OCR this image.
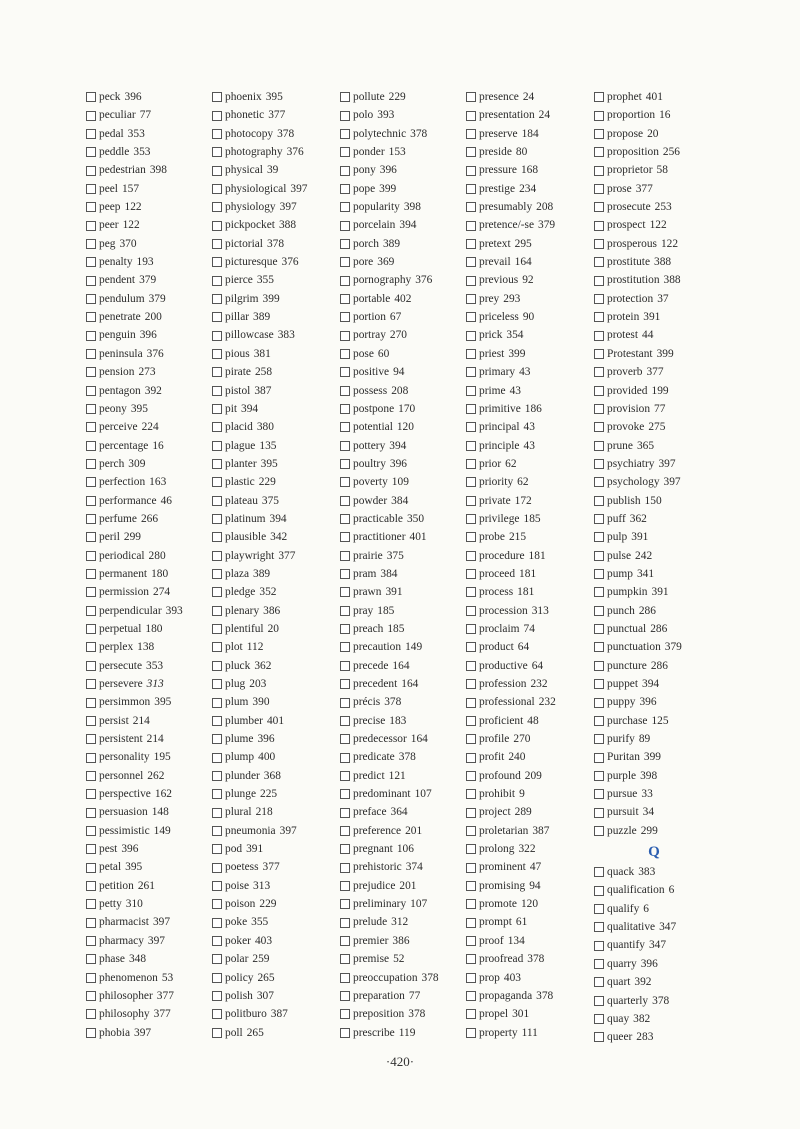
peck 396
peculiar 77
pedal 353
peddle 353
pedestrian 398
peel 157
peep 122
peer 122
peg 370
penalty 193
pendent 379
pendulum 379
penetrate 200
penguin 396
peninsula 376
pension 273
pentagon 392
peony 395
perceive 224
percentage 16
perch 309
perfection 163
performance 46
perfume 266
peril 299
periodical 280
permanent 180
permission 274
perpendicular 393
perpetual 180
perplex 138
persecute 353
persevere 313
persimmon 395
persist 214
persistent 214
personality 195
personnel 262
perspective 162
persuasion 148
pessimistic 149
pest 396
petal 395
petition 261
petty 310
pharmacist 397
pharmacy 397
phase 348
phenomenon 53
philosopher 377
philosophy 377
phobia 397
phoenix 395
phonetic 377
photocopy 378
photography 376
physical 39
physiological 397
physiology 397
pickpocket 388
pictorial 378
picturesque 376
pierce 355
pilgrim 399
pillar 389
pillowcase 383
pious 381
pirate 258
pistol 387
pit 394
placid 380
plague 135
planter 395
plastic 229
plateau 375
platinum 394
plausible 342
playwright 377
plaza 389
pledge 352
plenary 386
plentiful 20
plot 112
pluck 362
plug 203
plum 390
plumber 401
plume 396
plump 400
plunder 368
plunge 225
plural 218
pneumonia 397
pod 391
poetess 377
poise 313
poison 229
poke 355
poker 403
polar 259
policy 265
polish 307
politburo 387
poll 265
pollute 229
polo 393
polytechnic 378
ponder 153
pony 396
pope 399
popularity 398
porcelain 394
porch 389
pore 369
pornography 376
portable 402
portion 67
portray 270
pose 60
positive 94
possess 208
postpone 170
potential 120
pottery 394
poultry 396
poverty 109
powder 384
practicable 350
practitioner 401
prairie 375
pram 384
prawn 391
pray 185
preach 185
precaution 149
precede 164
precedent 164
précis 378
precise 183
predecessor 164
predicate 378
predict 121
predominant 107
preface 364
preference 201
pregnant 106
prehistoric 374
prejudice 201
preliminary 107
prelude 312
premier 386
premise 52
preoccupation 378
preparation 77
preposition 378
prescribe 119
presence 24
presentation 24
preserve 184
preside 80
pressure 168
prestige 234
presumably 208
pretence/-se 379
pretext 295
prevail 164
previous 92
prey 293
priceless 90
prick 354
priest 399
primary 43
prime 43
primitive 186
principal 43
principle 43
prior 62
priority 62
private 172
privilege 185
probe 215
procedure 181
proceed 181
process 181
procession 313
proclaim 74
product 64
productive 64
profession 232
professional 232
proficient 48
profile 270
profit 240
profound 209
prohibit 9
project 289
proletarian 387
prolong 322
prominent 47
promising 94
promote 120
prompt 61
proof 134
proofread 378
prop 403
propaganda 378
propel 301
property 111
prophet 401
proportion 16
propose 20
proposition 256
proprietor 58
prose 377
prosecute 253
prospect 122
prosperous 122
prostitute 388
prostitution 388
protection 37
protein 391
protest 44
Protestant 399
proverb 377
provided 199
provision 77
provoke 275
prune 365
psychiatry 397
psychology 397
publish 150
puff 362
pulp 391
pulse 242
pump 341
pumpkin 391
punch 286
punctual 286
punctuation 379
puncture 286
puppet 394
puppy 396
purchase 125
purify 89
Puritan 399
purple 398
pursue 33
pursuit 34
puzzle 299
Q
quack 383
qualification 6
qualify 6
qualitative 347
quantify 347
quarry 396
quart 392
quarterly 378
quay 382
queer 283
·420·
